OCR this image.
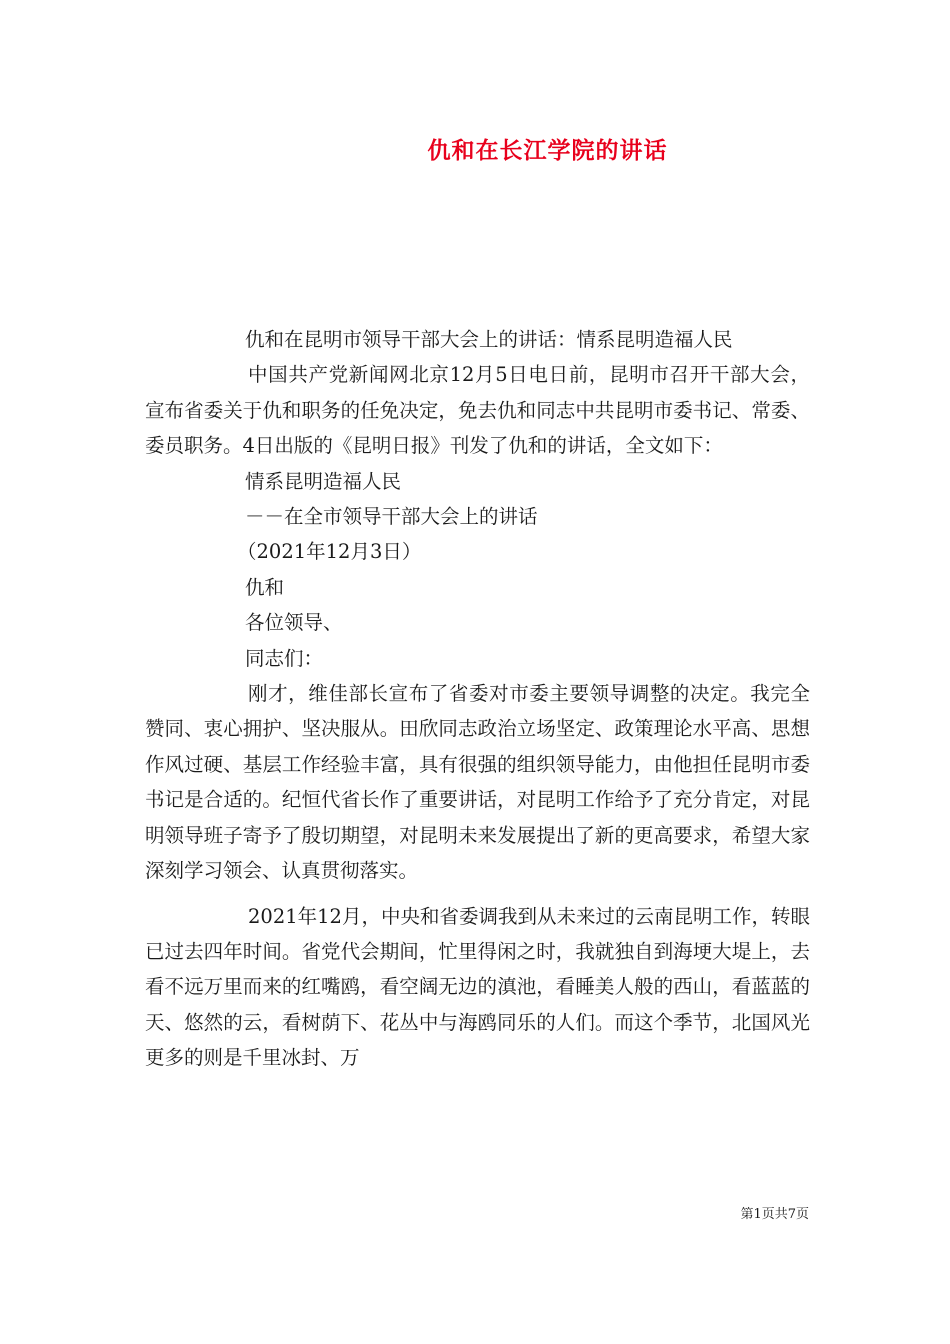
仇和在长江学院的讲话

仇和在昆明市领导干部大会上的讲话：情系昆明造福人民

中国共产党新闻网北京12月5日电日前，昆明市召开干部大会，宣布省委关于仇和职务的任免决定，免去仇和同志中共昆明市委书记、常委、委员职务。4日出版的《昆明日报》刊发了仇和的讲话，全文如下：

情系昆明造福人民

－－在全市领导干部大会上的讲话

（2021年12月3日）

仇和

各位领导、

同志们：

刚才，维佳部长宣布了省委对市委主要领导调整的决定。我完全赞同、衷心拥护、坚决服从。田欣同志政治立场坚定、政策理论水平高、思想作风过硬、基层工作经验丰富，具有很强的组织领导能力，由他担任昆明市委书记是合适的。纪恒代省长作了重要讲话，对昆明工作给予了充分肯定，对昆明领导班子寄予了殷切期望，对昆明未来发展提出了新的更高要求，希望大家深刻学习领会、认真贯彻落实。

2021年12月，中央和省委调我到从未来过的云南昆明工作，转眼已过去四年时间。省党代会期间，忙里得闲之时，我就独自到海埂大堤上，去看不远万里而来的红嘴鸥，看空阔无边的滇池，看睡美人般的西山，看蓝蓝的天、悠然的云，看树荫下、花丛中与海鸥同乐的人们。而这个季节，北国风光更多的则是千里冰封、万

第1页共7页
